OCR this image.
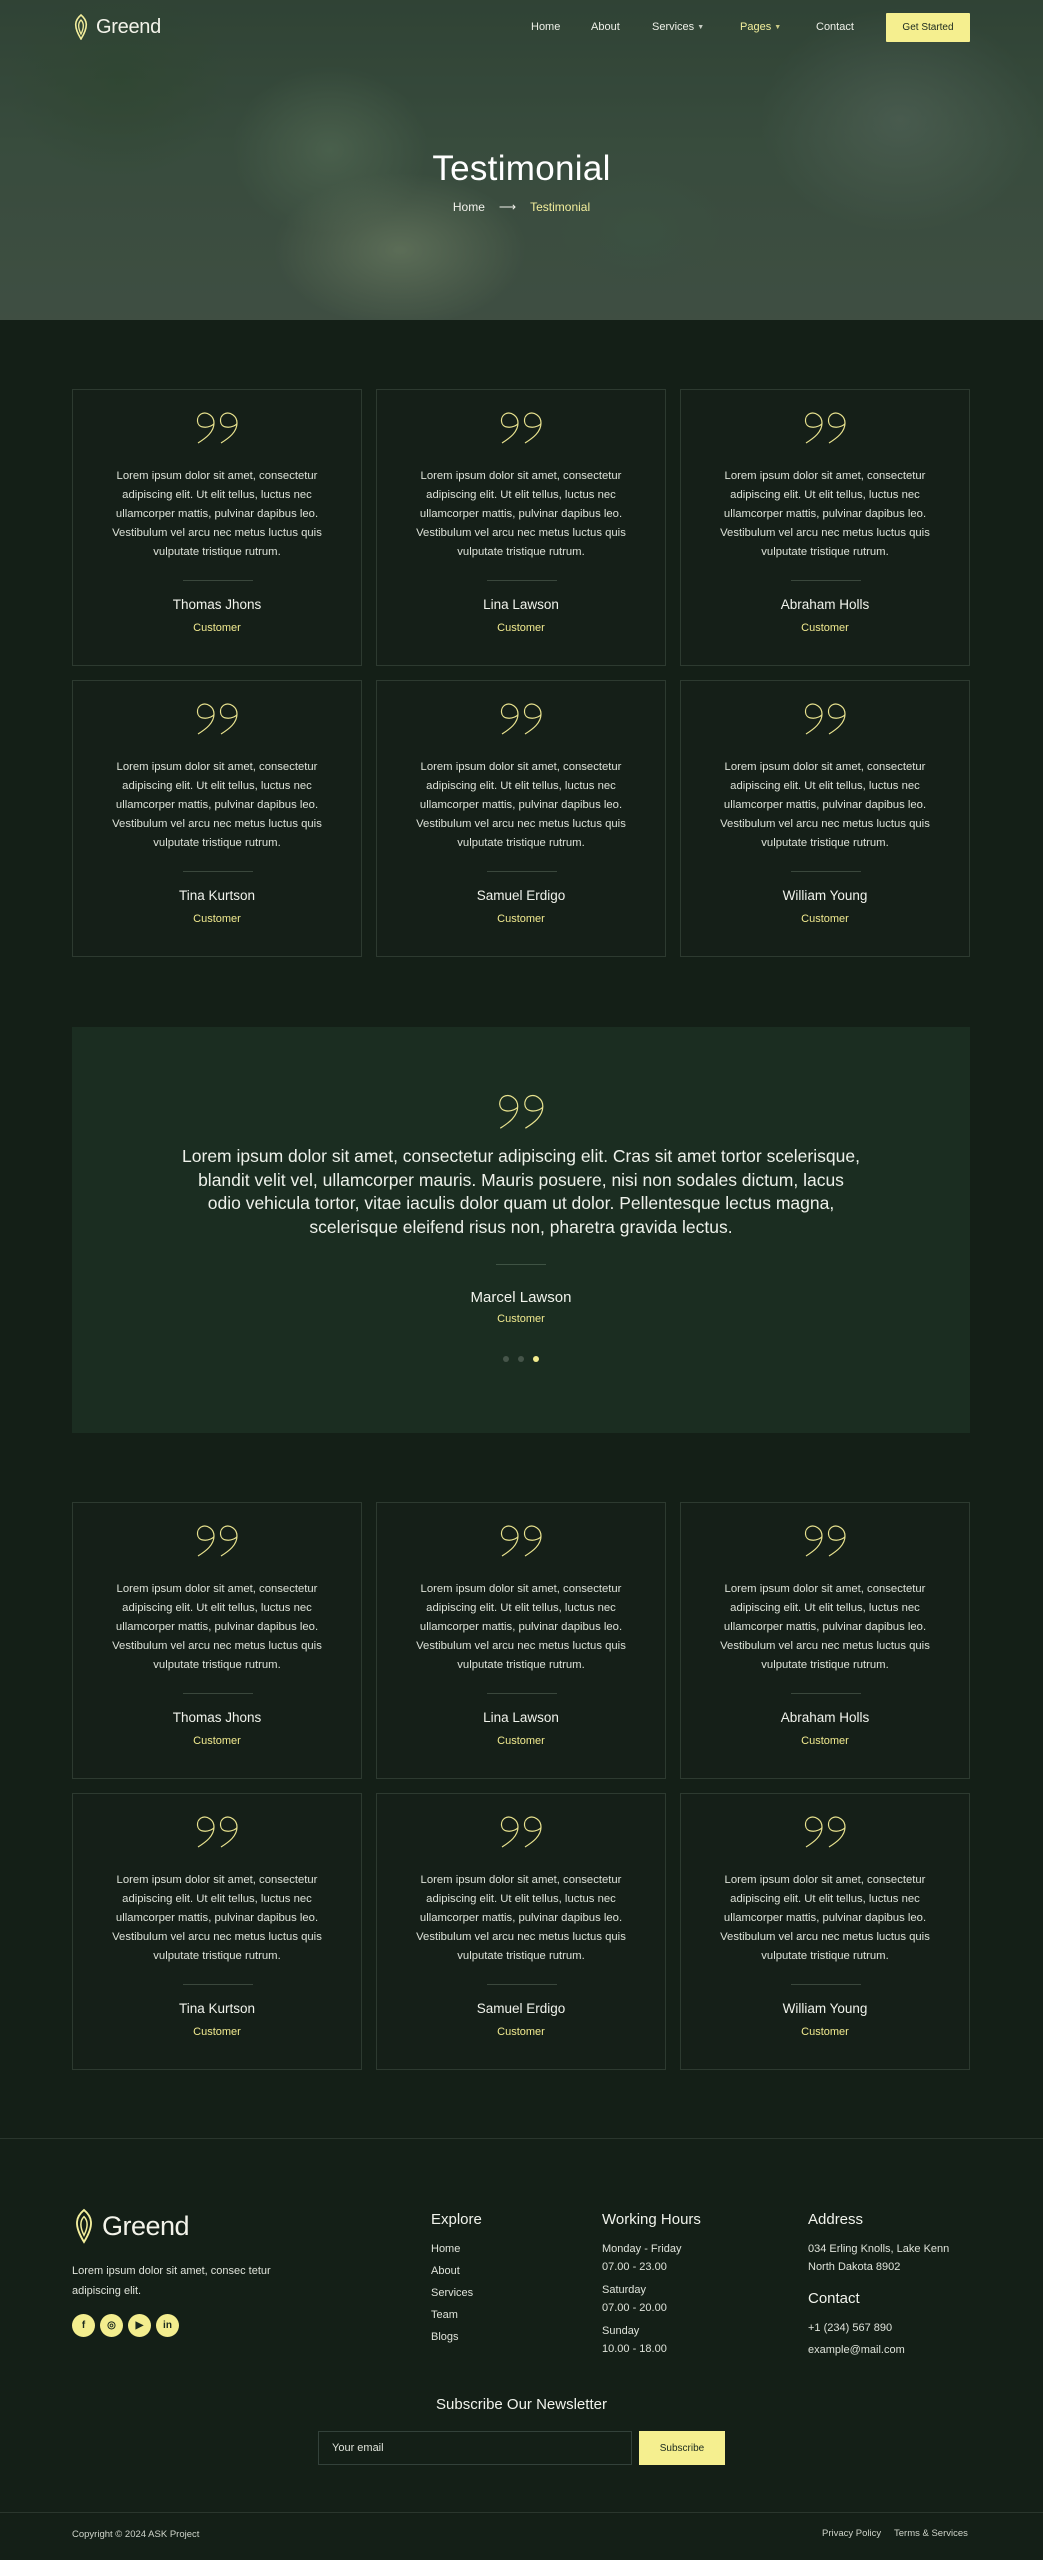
Greend	Home	About	Services ▼	Pages ▼	Contact	Get Started
Testimonial
Home ⟶ Testimonial
Lorem ipsum dolor sit amet, consectetur adipiscing elit. Ut elit tellus, luctus nec ullamcorper mattis, pulvinar dapibus leo. Vestibulum vel arcu nec metus luctus quis vulputate tristique rutrum.
Thomas Jhons
Customer
Lorem ipsum dolor sit amet, consectetur adipiscing elit. Ut elit tellus, luctus nec ullamcorper mattis, pulvinar dapibus leo. Vestibulum vel arcu nec metus luctus quis vulputate tristique rutrum.
Lina Lawson
Customer
Lorem ipsum dolor sit amet, consectetur adipiscing elit. Ut elit tellus, luctus nec ullamcorper mattis, pulvinar dapibus leo. Vestibulum vel arcu nec metus luctus quis vulputate tristique rutrum.
Abraham Holls
Customer
Lorem ipsum dolor sit amet, consectetur adipiscing elit. Ut elit tellus, luctus nec ullamcorper mattis, pulvinar dapibus leo. Vestibulum vel arcu nec metus luctus quis vulputate tristique rutrum.
Tina Kurtson
Customer
Lorem ipsum dolor sit amet, consectetur adipiscing elit. Ut elit tellus, luctus nec ullamcorper mattis, pulvinar dapibus leo. Vestibulum vel arcu nec metus luctus quis vulputate tristique rutrum.
Samuel Erdigo
Customer
Lorem ipsum dolor sit amet, consectetur adipiscing elit. Ut elit tellus, luctus nec ullamcorper mattis, pulvinar dapibus leo. Vestibulum vel arcu nec metus luctus quis vulputate tristique rutrum.
William Young
Customer
Lorem ipsum dolor sit amet, consectetur adipiscing elit. Cras sit amet tortor scelerisque, blandit velit vel, ullamcorper mauris. Mauris posuere, nisi non sodales dictum, lacus odio vehicula tortor, vitae iaculis dolor quam ut dolor. Pellentesque lectus magna, scelerisque eleifend risus non, pharetra gravida lectus.
Marcel Lawson
Customer
Lorem ipsum dolor sit amet, consectetur adipiscing elit. Ut elit tellus, luctus nec ullamcorper mattis, pulvinar dapibus leo. Vestibulum vel arcu nec metus luctus quis vulputate tristique rutrum.
Thomas Jhons
Customer
Lorem ipsum dolor sit amet, consectetur adipiscing elit. Ut elit tellus, luctus nec ullamcorper mattis, pulvinar dapibus leo. Vestibulum vel arcu nec metus luctus quis vulputate tristique rutrum.
Lina Lawson
Customer
Lorem ipsum dolor sit amet, consectetur adipiscing elit. Ut elit tellus, luctus nec ullamcorper mattis, pulvinar dapibus leo. Vestibulum vel arcu nec metus luctus quis vulputate tristique rutrum.
Abraham Holls
Customer
Lorem ipsum dolor sit amet, consectetur adipiscing elit. Ut elit tellus, luctus nec ullamcorper mattis, pulvinar dapibus leo. Vestibulum vel arcu nec metus luctus quis vulputate tristique rutrum.
Tina Kurtson
Customer
Lorem ipsum dolor sit amet, consectetur adipiscing elit. Ut elit tellus, luctus nec ullamcorper mattis, pulvinar dapibus leo. Vestibulum vel arcu nec metus luctus quis vulputate tristique rutrum.
Samuel Erdigo
Customer
Lorem ipsum dolor sit amet, consectetur adipiscing elit. Ut elit tellus, luctus nec ullamcorper mattis, pulvinar dapibus leo. Vestibulum vel arcu nec metus luctus quis vulputate tristique rutrum.
William Young
Customer
Greend
Lorem ipsum dolor sit amet, consec tetur adipiscing elit.
f	◎	▶	in
Explore
Home
About
Services
Team
Blogs
Working Hours
Monday - Friday
07.00 - 23.00
Saturday
07.00 - 20.00
Sunday
10.00 - 18.00
Address
034 Erling Knolls, Lake Kenn
North Dakota 8902
Contact
+1 (234) 567 890
example@mail.com
Subscribe Our Newsletter
Your email	Subscribe
Copyright © 2024 ASK Project	Privacy Policy Terms & Services
